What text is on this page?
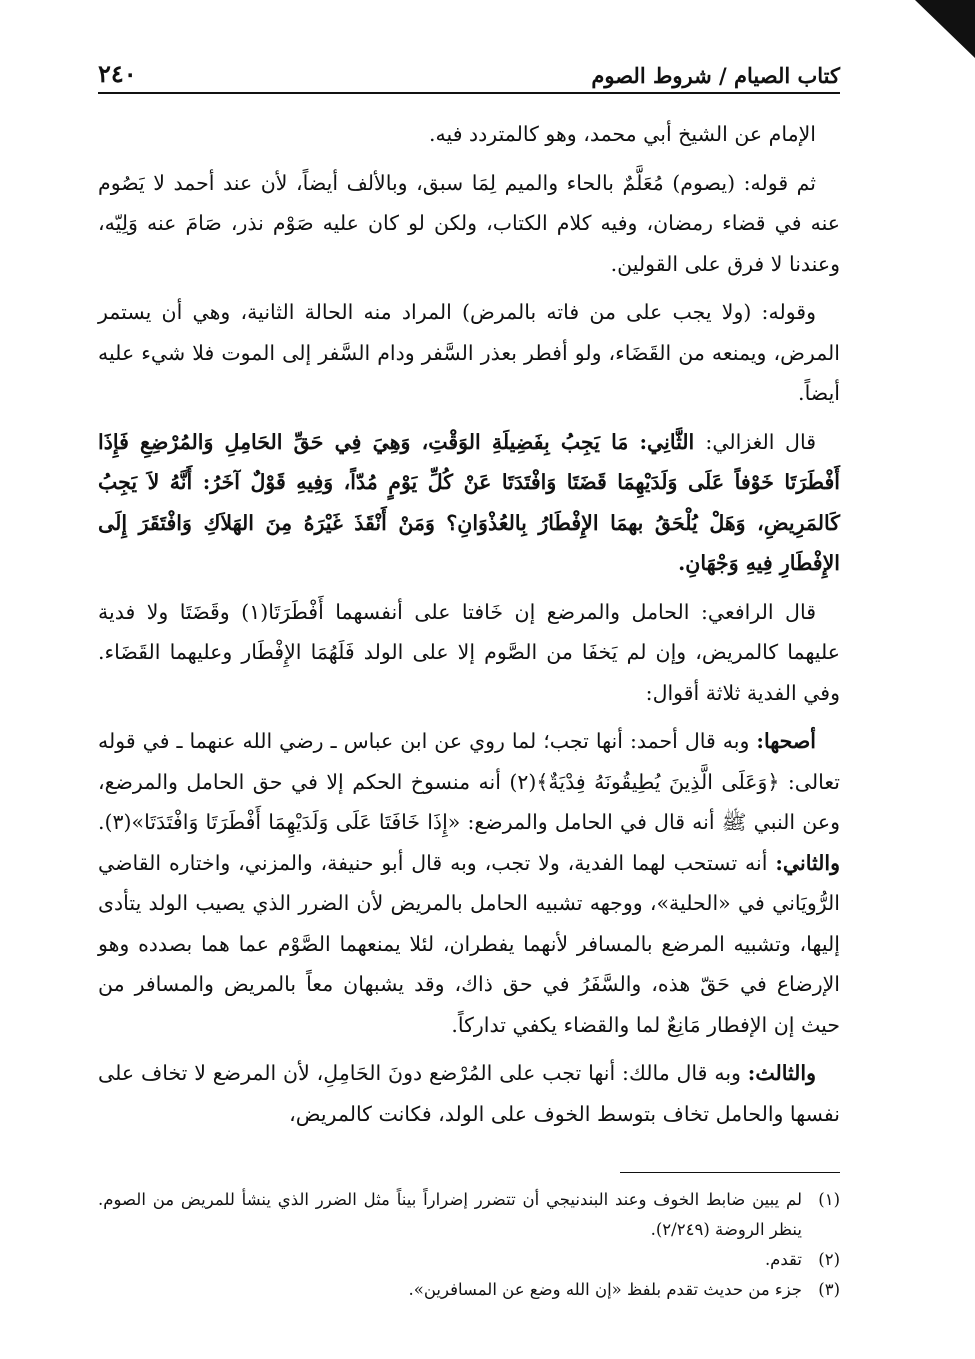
كتاب الصيام / شروط الصوم
٢٤٠

الإمام عن الشيخ أبي محمد، وهو كالمتردد فيه.

ثم قوله: (يصوم) مُعَلَّمٌ بالحاء والميم لِمَا سبق، وبالألف أيضاً، لأن عند أحمد لا يَصُوم عنه في قضاء رمضان، وفيه كلام الكتاب، ولكن لو كان عليه صَوْم نذر، صَامَ عنه وَلِيّه، وعندنا لا فرق على القولين.

وقوله: (ولا يجب على من فاته بالمرض) المراد منه الحالة الثانية، وهي أن يستمر المرض، ويمنعه من القَضَاء، ولو أفطر بعذر السَّفر ودام السَّفر إلى الموت فلا شيء عليه أيضاً.

قال الغزالي: الثَّانِي: مَا يَجِبُ بِفَضِيلَةِ الوَقْتِ، وَهِيَ فِي حَقِّ الحَامِلِ وَالمُرْضِعِ فَإِذَا أَفْطَرَتَا خَوْفاً عَلَى وَلَدَيْهِمَا قَضَتَا وَافْتَدَتَا عَنْ كُلِّ يَوْمٍ مُدّاً، وَفِيهِ قَوْلٌ آخَرُ: أَنَّهُ لاَ يَجِبُ كَالمَرِيضِ، وَهَلْ يُلْحَقُ بهمَا الإِفْطَارُ بِالعُذْوَانِ؟ وَمَنْ أَنْقَذَ غَيْرَهُ مِنَ الهَلاَكِ وَافْتَقَرَ إِلَى الإِفْطَارِ فِيهِ وَجْهَانِ.

قال الرافعي: الحامل والمرضع إن خَافتا على أنفسهما أَفْطَرَتَا(١) وقَضَتَا ولا فدية عليهما كالمريض، وإن لم يَخفَا من الصَّوم إلا على الولد فَلَهُمَا الإِفْطَار وعليهما القَضَاء. وفي الفدية ثلاثة أقوال:

أصحها: وبه قال أحمد: أنها تجب؛ لما روي عن ابن عباس ـ رضي الله عنهما ـ في قوله تعالى: ﴿وَعَلَى الَّذِينَ يُطِيقُونَهُ فِدْيَةٌ﴾(٢) أنه منسوخ الحكم إلا في حق الحامل والمرضع، وعن النبي ﷺ أنه قال في الحامل والمرضع: «إِذَا خَافَتَا عَلَى وَلَدَيْهِمَا أَفْطَرَتَا وَافْتَدَتَا»(٣). والثاني: أنه تستحب لهما الفدية، ولا تجب، وبه قال أبو حنيفة، والمزني، واختاره القاضي الرُّويَاني في «الحلية»، ووجهه تشبيه الحامل بالمريض لأن الضرر الذي يصيب الولد يتأدى إليها، وتشبيه المرضع بالمسافر لأنهما يفطران، لئلا يمنعهما الصَّوْم عما هما بصدده وهو الإرضاع في حَقّ هذه، والسَّفَرُ في حق ذاك، وقد يشبهان معاً بالمريض والمسافر من حيث إن الإفطار مَانِعٌ لما والقضاء يكفي تداركاً.

والثالث: وبه قال مالك: أنها تجب على المُرْضع دونَ الحَامِلِ، لأن المرضع لا تخاف على نفسها والحامل تخاف بتوسط الخوف على الولد، فكانت كالمريض،

(١)
لم يبين ضابط الخوف وعند البندنيجي أن تتضرر إضراراً بيناً مثل الضرر الذي ينشأ للمريض من الصوم. ينظر الروضة (٢/٢٤٩).
(٢)
تقدم.
(٣)
جزء من حديث تقدم بلفظ «إن الله وضع عن المسافرين».
